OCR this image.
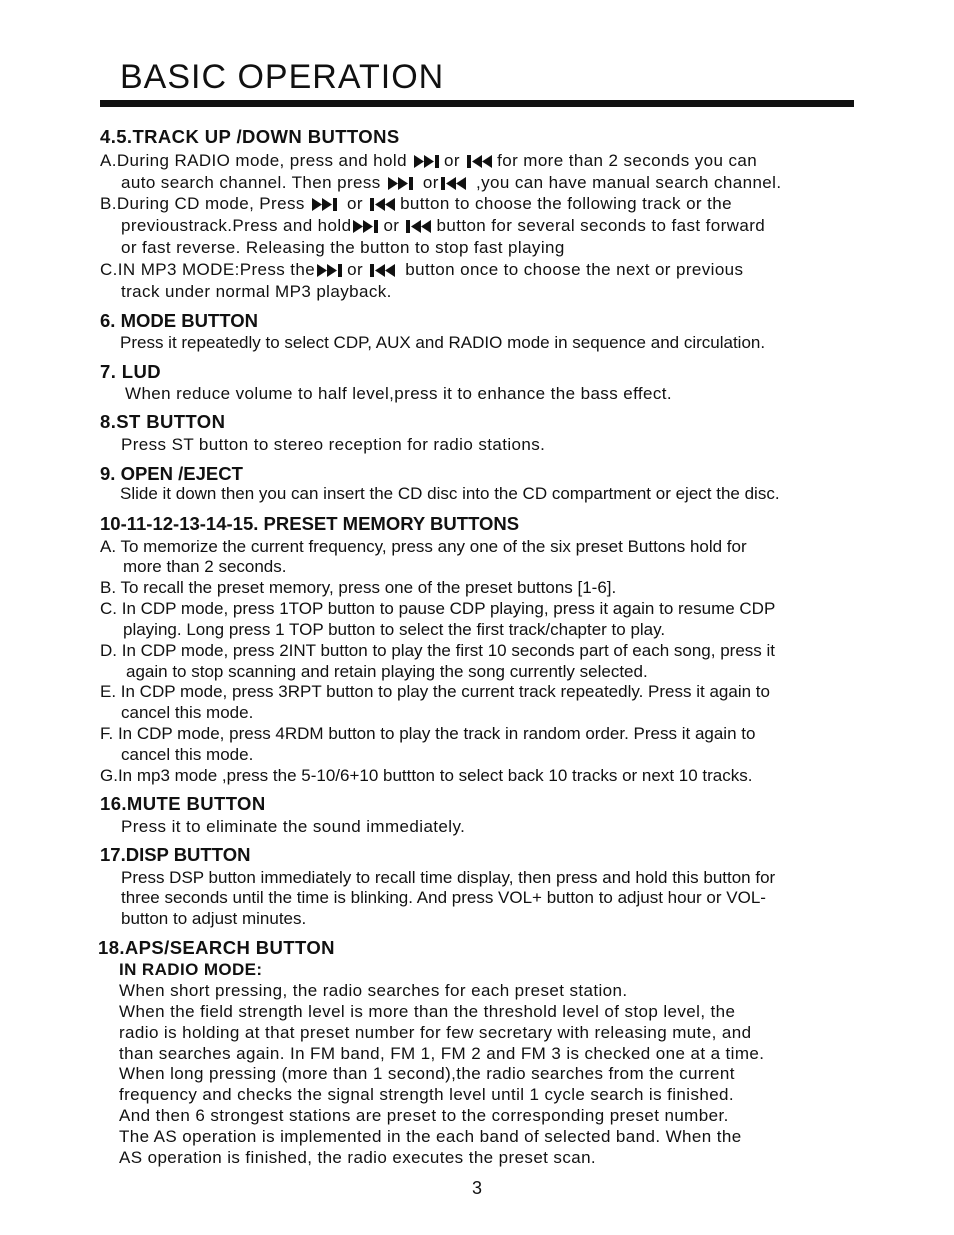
BASIC OPERATION
4.5.TRACK UP /DOWN BUTTONS
A.During RADIO mode, press and hold
or
for more than 2 seconds you can
auto search channel. Then press
or
,you can have manual search channel.
B.During CD mode, Press
or
button to choose the following track or the
previoustrack.Press and hold or
button for several seconds to fast forward
or fast reverse. Releasing the button to stop fast playing
C.IN MP3 MODE:Press the or
button once to choose the next or previous
track under normal MP3 playback.
6. MODE BUTTON
Press it repeatedly to select CDP, AUX and RADIO mode in sequence and circulation.
7. LUD
When reduce volume to half level,press it to enhance the bass effect.
8.ST BUTTON
Press ST button to stereo reception for radio stations.
9. OPEN /EJECT
Slide it down then you can insert the CD disc into the CD compartment or eject the disc.
10-11-12-13-14-15. PRESET MEMORY BUTTONS
A. To memorize the current frequency, press any one of the six preset Buttons hold for
more than 2 seconds.
B. To recall the preset memory, press one of the preset buttons [1-6].
C. In CDP mode, press 1TOP button to pause CDP playing, press it again to resume CDP
playing. Long press 1 TOP button to select the first track/chapter to play.
D. In CDP mode, press 2INT button to play the first 10 seconds part of each song, press it
again to stop scanning and retain playing the song currently selected.
E. In CDP mode, press 3RPT button to play the current track repeatedly. Press it again to
cancel this mode.
F. In CDP mode, press 4RDM button to play the track in random order. Press it again to
cancel this mode.
G.In mp3 mode ,press the 5-10/6+10 buttton to select back 10 tracks or next 10 tracks.
16.MUTE BUTTON
Press it to eliminate the sound immediately.
17.DISP BUTTON
Press DSP button immediately to recall time display, then press and hold this button for
three seconds until the time is blinking. And press VOL+ button to adjust hour or VOL-
button to adjust minutes.
18.APS/SEARCH BUTTON
IN RADIO MODE:
When short pressing, the radio searches for each preset station.
When the field strength level is more than the threshold level of stop level, the
radio is holding at that preset number for few secretary with releasing mute, and
than searches again. In FM band, FM 1, FM 2 and FM 3 is checked one at a time.
When long pressing (more than 1 second),the radio searches from the current
frequency and checks the signal strength level until 1 cycle search is finished.
And then 6 strongest stations are preset to the corresponding preset number.
The AS operation is implemented in the each band of selected band. When the
AS operation is finished, the radio executes the preset scan.
3
